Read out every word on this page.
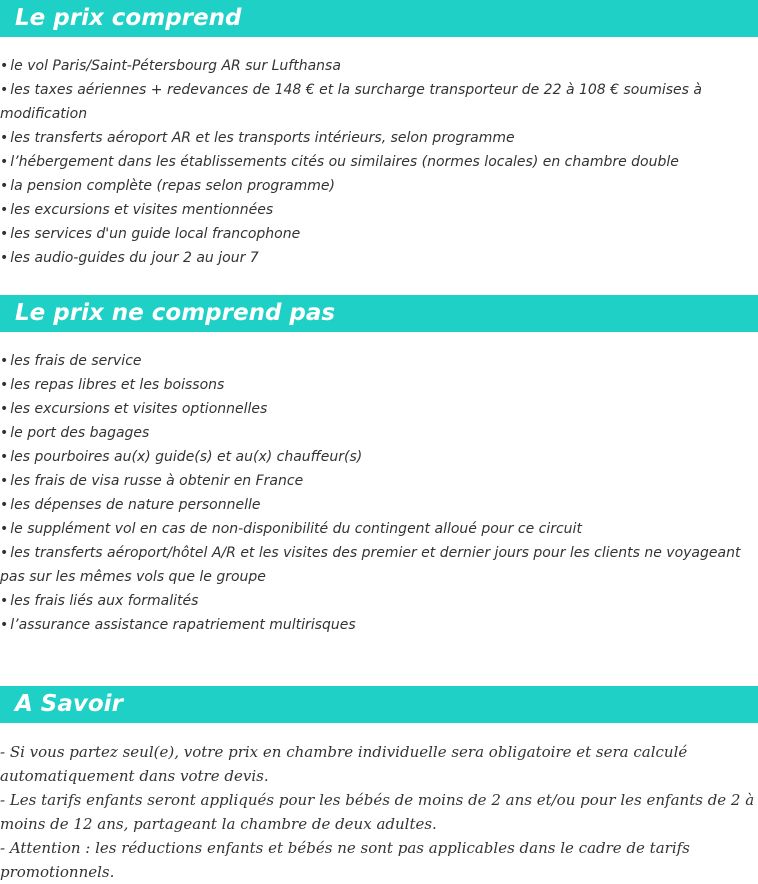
Le prix comprend
• le vol Paris/Saint-Pétersbourg AR sur Lufthansa
• les taxes aériennes + redevances de 148 € et la surcharge transporteur de 22 à 108 € soumises à modification
• les transferts aéroport AR et les transports intérieurs, selon programme
• l’hébergement dans les établissements cités ou similaires (normes locales) en chambre double
• la pension complète (repas selon programme)
• les excursions et visites mentionnées
• les services d'un guide local francophone
• les audio-guides du jour 2 au jour 7
Le prix ne comprend pas
• les frais de service
• les repas libres et les boissons
• les excursions et visites optionnelles
• le port des bagages
• les pourboires au(x) guide(s) et au(x) chauffeur(s)
• les frais de visa russe à obtenir en France
• les dépenses de nature personnelle
• le supplément vol en cas de non-disponibilité du contingent alloué pour ce circuit
• les transferts aéroport/hôtel A/R et les visites des premier et dernier jours pour les clients ne voyageant pas sur les mêmes vols que le groupe
• les frais liés aux formalités
• l’assurance assistance rapatriement multirisques
A Savoir

- Si vous partez seul(e), votre prix en chambre individuelle sera obligatoire et sera calculé automatiquement dans votre devis.

- Les tarifs enfants seront appliqués pour les bébés de moins de 2 ans et/ou pour les enfants de 2 à moins de 12 ans, partageant la chambre de deux adultes.

- Attention : les réductions enfants et bébés ne sont pas applicables dans le cadre de tarifs promotionnels.
